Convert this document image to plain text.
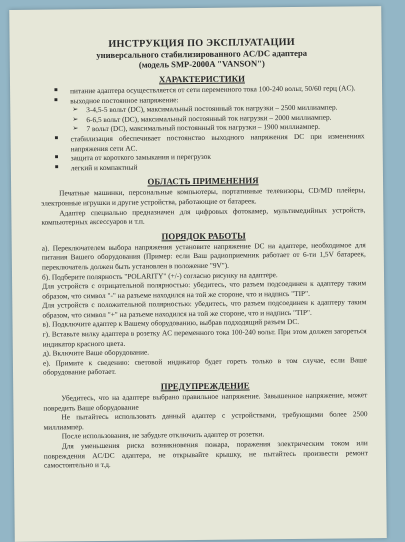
ИНСТРУКЦИЯ ПО ЭКСПЛУАТАЦИИ
универсального стабилизированного AC/DC адаптера
(модель SMP-2000A "VANSON")
ХАРАКТЕРИСТИКИ
■ питание адаптера осуществляется от сети переменного тока 100-240 вольт, 50/60 герц (AC).
■ выходное постоянное напряжение:
➢ 3-4,5-5 вольт (DC), максимальный постоянный ток нагрузки – 2500 миллиампер.
➢ 6-6,5 вольт (DC), максимальный постоянный ток нагрузки – 2000 миллиампер.
➢ 7 вольт (DC), максимальный постоянный ток нагрузки – 1900 миллиампер.
■ стабилизация обеспечивает постоянство выходного напряжения DC при изменениях напряжения сети AC.
■ защита от короткого замыкания и перегрузок
■ легкий и компактный
ОБЛАСТЬ ПРИМЕНЕНИЯ

Печатные машинки, персональные компьютеры, портативные телевизоры, CD/MD плейеры, электронные игрушки и другие устройства, работающие от батареек.

Адаптер специально предназначен для цифровых фотокамер, мультимедийных устройств, компьютерных аксессуаров и т.п.

ПОРЯДОК РАБОТЫ

а). Переключателем выбора напряжения установите напряжение DC на адаптере, необходимое для питания Вашего оборудования (Пример: если Ваш радиоприемник работает от 6-ти 1,5V батареек, переключатель должен быть установлен в положение "9V").

б). Подберите полярность "POLARITY" (+/-) согласно рисунку на адаптере.

Для устройств с отрицательной полярностью: убедитесь, что разъем подсоединен к адаптеру таким образом, что символ "-" на разъеме находился на той же стороне, что и надпись "TIP".

Для устройств с положительной полярностью: убедитесь, что разъем подсоединен к адаптеру таким образом, что символ "+" на разъеме находился на той же стороне, что и надпись "TIP".

в). Подключите адаптер к Вашему оборудованию, выбрав подходящий разъем DC.

г). Вставьте вилку адаптера в розетку AC переменного тока 100-240 вольт. При этом должен загореться индикатор красного цвета.

д). Включите Ваше оборудование.

е). Примите к сведению: световой индикатор будет гореть только в том случае, если Ваше оборудование работает.

ПРЕДУПРЕЖДЕНИЕ

Убедитесь, что на адаптере выбрано правильное напряжение. Завышенное напряжение, может повредить Ваше оборудование

Не пытайтесь использовать данный адаптер с устройствами, требующими более 2500 миллиампер.

После использования, не забудьте отключить адаптер от розетки.

Для уменьшения риска возникновения пожара, поражения электрическим током или повреждения AC/DC адаптера, не открывайте крышку, не пытайтесь произвести ремонт самостоятельно и т.д.
